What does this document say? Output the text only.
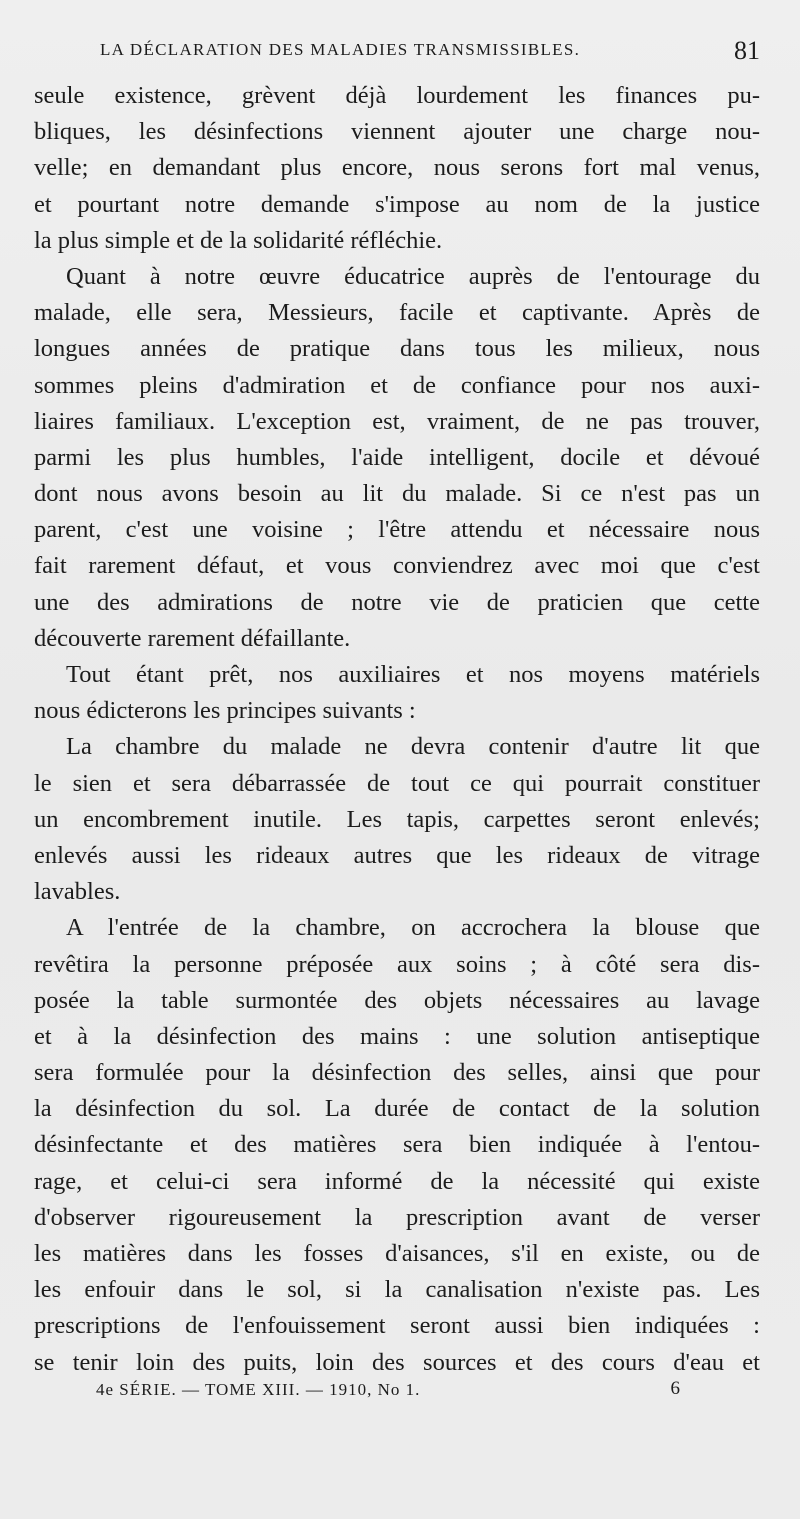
LA DÉCLARATION DES MALADIES TRANSMISSIBLES.	81
seule existence, grèvent déjà lourdement les finances pu-
bliques, les désinfections viennent ajouter une charge nou-
velle; en demandant plus encore, nous serons fort mal venus,
et pourtant notre demande s'impose au nom de la justice
la plus simple et de la solidarité réfléchie.
Quant à notre œuvre éducatrice auprès de l'entourage du
malade, elle sera, Messieurs, facile et captivante. Après de
longues années de pratique dans tous les milieux, nous
sommes pleins d'admiration et de confiance pour nos auxi-
liaires familiaux. L'exception est, vraiment, de ne pas trouver,
parmi les plus humbles, l'aide intelligent, docile et dévoué
dont nous avons besoin au lit du malade. Si ce n'est pas un
parent, c'est une voisine ; l'être attendu et nécessaire nous
fait rarement défaut, et vous conviendrez avec moi que c'est
une des admirations de notre vie de praticien que cette
découverte rarement défaillante.
Tout étant prêt, nos auxiliaires et nos moyens matériels
nous édicterons les principes suivants :
La chambre du malade ne devra contenir d'autre lit que
le sien et sera débarrassée de tout ce qui pourrait constituer
un encombrement inutile. Les tapis, carpettes seront enlevés;
enlevés aussi les rideaux autres que les rideaux de vitrage
lavables.
A l'entrée de la chambre, on accrochera la blouse que
revêtira la personne préposée aux soins ; à côté sera dis-
posée la table surmontée des objets nécessaires au lavage
et à la désinfection des mains : une solution antiseptique
sera formulée pour la désinfection des selles, ainsi que pour
la désinfection du sol. La durée de contact de la solution
désinfectante et des matières sera bien indiquée à l'entou-
rage, et celui-ci sera informé de la nécessité qui existe
d'observer rigoureusement la prescription avant de verser
les matières dans les fosses d'aisances, s'il en existe, ou de
les enfouir dans le sol, si la canalisation n'existe pas. Les
prescriptions de l'enfouissement seront aussi bien indiquées :
se tenir loin des puits, loin des sources et des cours d'eau et
4e SÉRIE. — TOME XIII. — 1910, No 1.	6
